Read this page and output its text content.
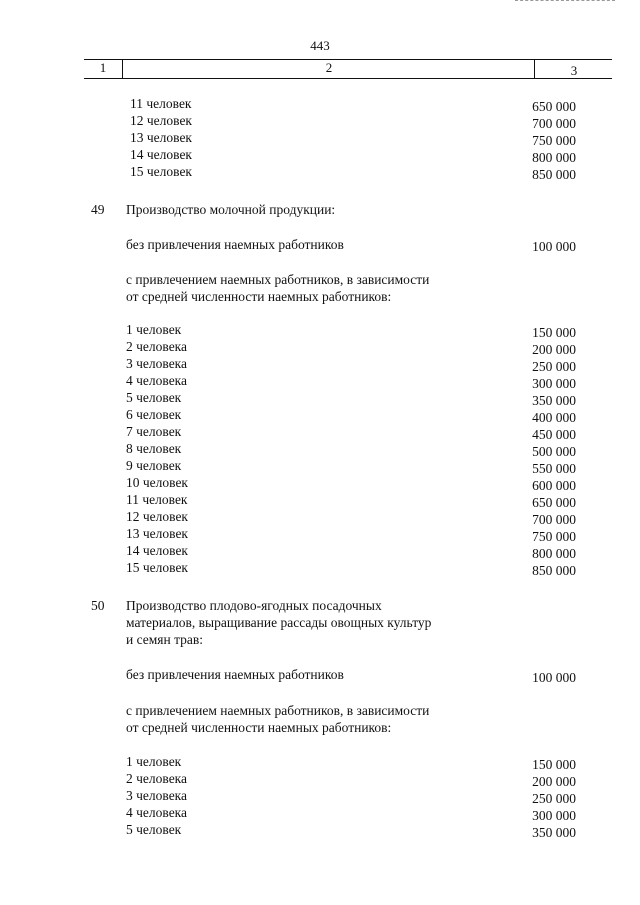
443
1	2	3
11 человек	650 000
12 человек	700 000
13 человек	750 000
14 человек	800 000
15 человек	850 000
49 Производство молочной продукции:
без привлечения наемных работников	100 000
с привлечением наемных работников, в зависимости
от средней численности наемных работников:
1 человек	150 000
2 человека	200 000
3 человека	250 000
4 человека	300 000
5 человек	350 000
6 человек	400 000
7 человек	450 000
8 человек	500 000
9 человек	550 000
10 человек	600 000
11 человек	650 000
12 человек	700 000
13 человек	750 000
14 человек	800 000
15 человек	850 000
50 Производство плодово-ягодных посадочных
материалов, выращивание рассады овощных культур
и семян трав:
без привлечения наемных работников	100 000
с привлечением наемных работников, в зависимости
от средней численности наемных работников:
1 человек	150 000
2 человека	200 000
3 человека	250 000
4 человека	300 000
5 человек	350 000
